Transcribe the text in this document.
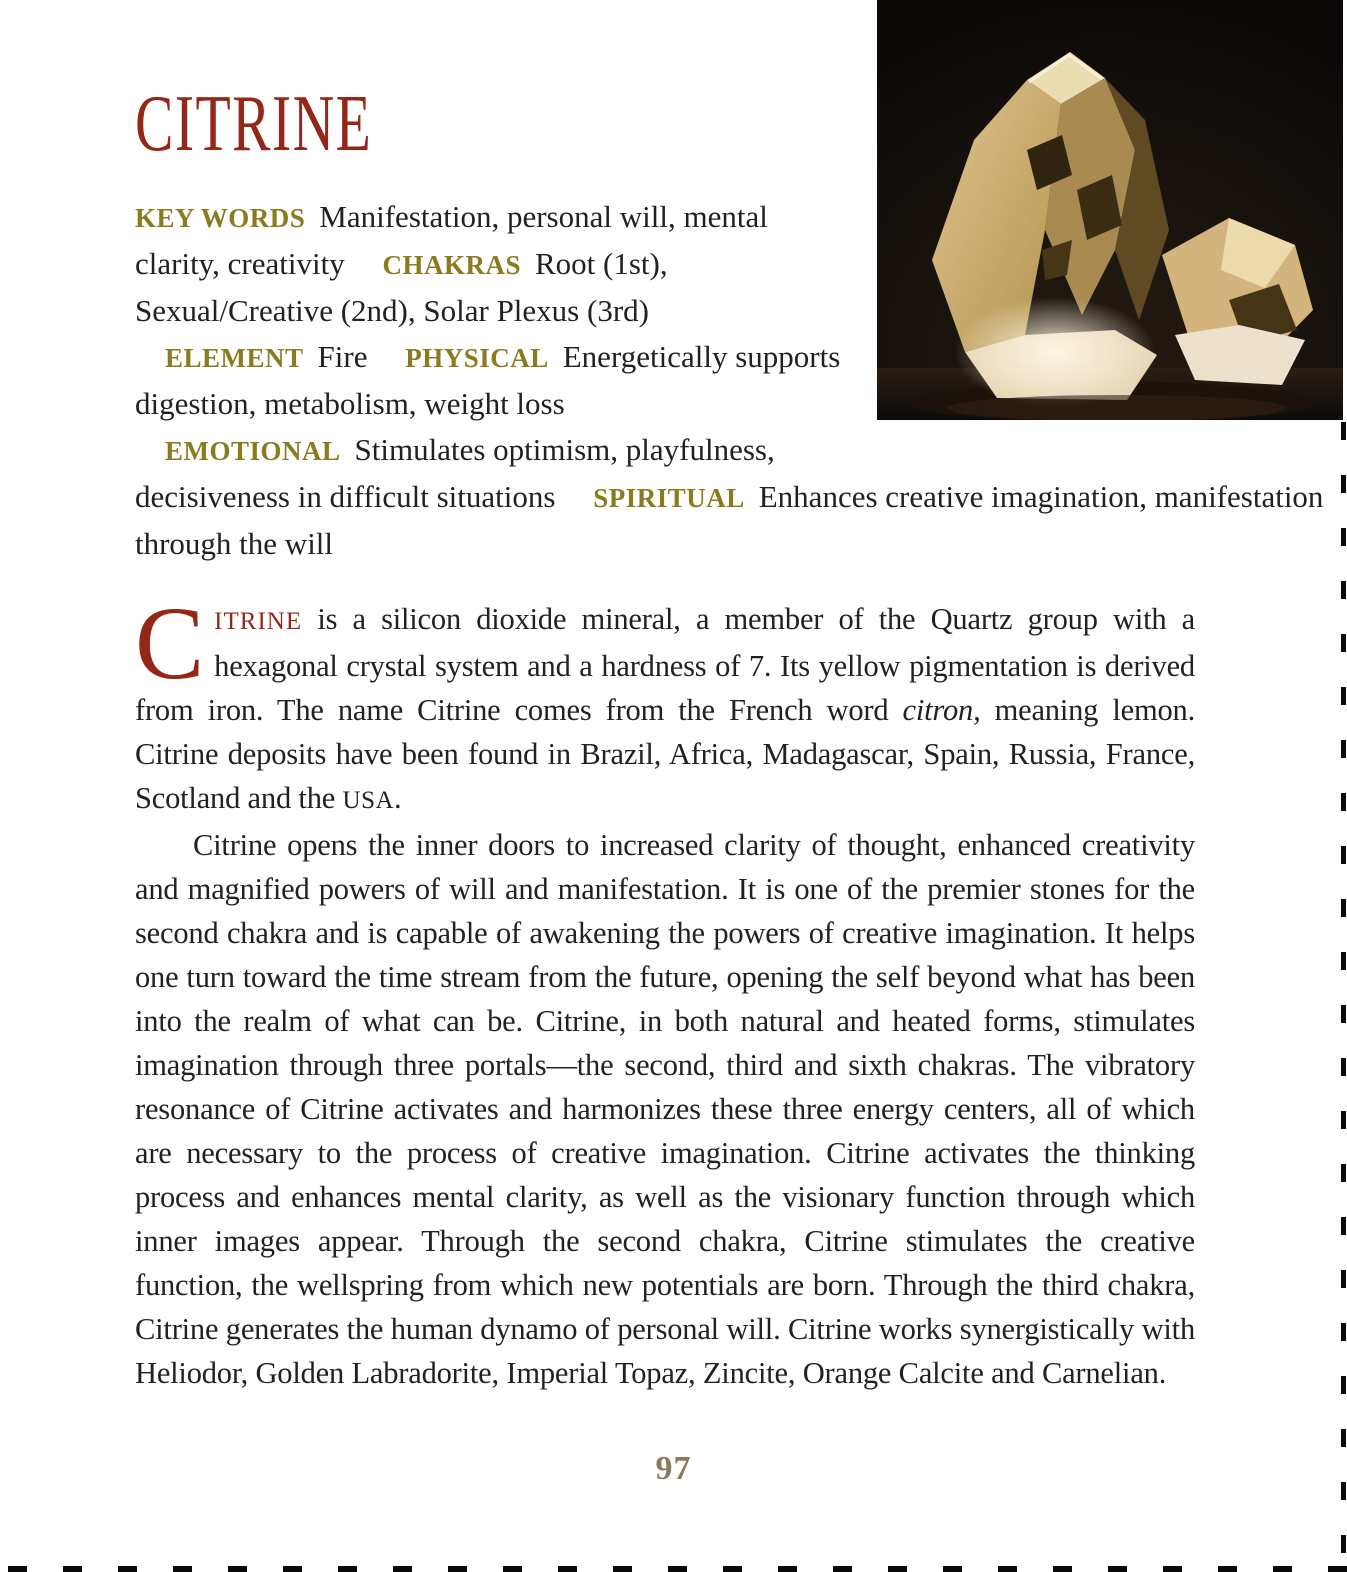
CITRINE

KEY WORDS Manifestation, personal will, mental clarity, creativity CHAKRAS Root (1st), Sexual/Creative (2nd), Solar Plexus (3rd) ELEMENT Fire PHYSICAL Energetically supports digestion, metabolism, weight loss EMOTIONAL Stimulates optimism, playfulness, decisiveness in difficult situations SPIRITUAL Enhances creative imagination, manifestation through the will

CITRINE is a silicon dioxide mineral, a member of the Quartz group with a hexagonal crystal system and a hardness of 7. Its yellow pigmentation is derived from iron. The name Citrine comes from the French word citron, meaning lemon. Citrine deposits have been found in Brazil, Africa, Madagascar, Spain, Russia, France, Scotland and the USA.

Citrine opens the inner doors to increased clarity of thought, enhanced creativity and magnified powers of will and manifestation. It is one of the premier stones for the second chakra and is capable of awakening the powers of creative imagination. It helps one turn toward the time stream from the future, opening the self beyond what has been into the realm of what can be. Citrine, in both natural and heated forms, stimulates imagination through three portals—the second, third and sixth chakras. The vibratory resonance of Citrine activates and harmonizes these three energy centers, all of which are necessary to the process of creative imagination. Citrine activates the thinking process and enhances mental clarity, as well as the visionary function through which inner images appear. Through the second chakra, Citrine stimulates the creative function, the wellspring from which new potentials are born. Through the third chakra, Citrine generates the human dynamo of personal will. Citrine works synergistically with Heliodor, Golden Labradorite, Imperial Topaz, Zincite, Orange Calcite and Carnelian.

97
